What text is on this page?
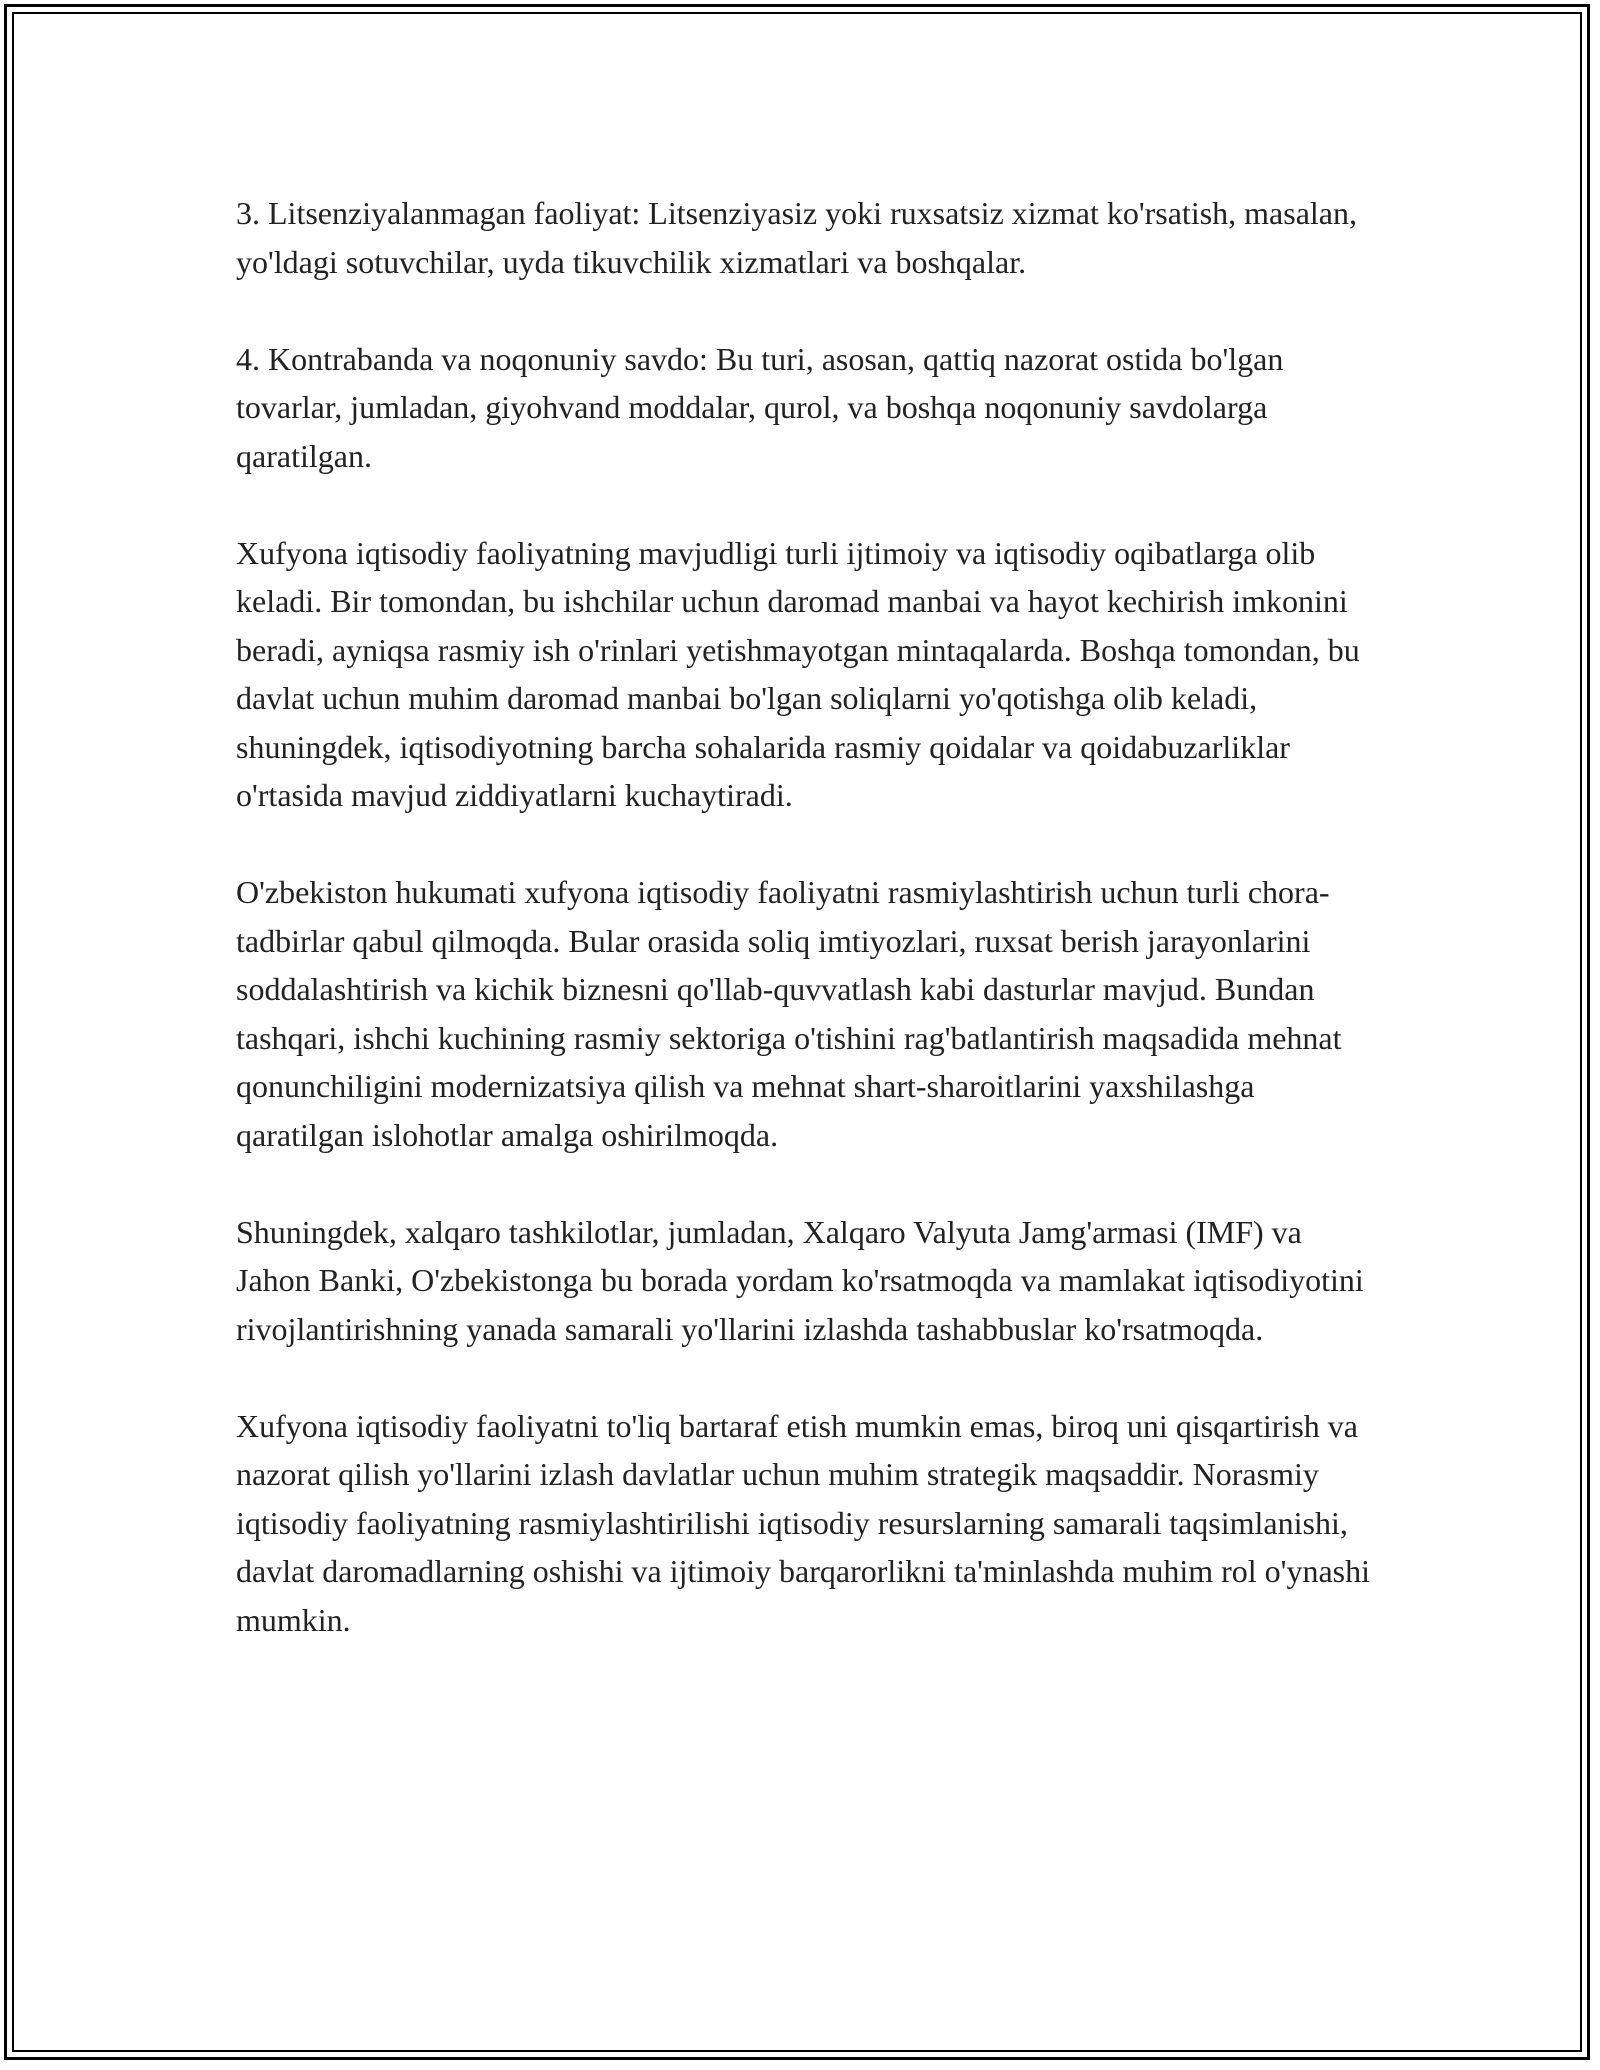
3. Litsenziyalanmagan faoliyat: Litsenziyasiz yoki ruxsatsiz xizmat ko'rsatish, masalan, yo'ldagi sotuvchilar, uyda tikuvchilik xizmatlari va boshqalar.

4. Kontrabanda va noqonuniy savdo: Bu turi, asosan, qattiq nazorat ostida bo'lgan tovarlar, jumladan, giyohvand moddalar, qurol, va boshqa noqonuniy savdolarga qaratilgan.

Xufyona iqtisodiy faoliyatning mavjudligi turli ijtimoiy va iqtisodiy oqibatlarga olib keladi. Bir tomondan, bu ishchilar uchun daromad manbai va hayot kechirish imkonini beradi, ayniqsa rasmiy ish o'rinlari yetishmayotgan mintaqalarda. Boshqa tomondan, bu davlat uchun muhim daromad manbai bo'lgan soliqlarni yo'qotishga olib keladi, shuningdek, iqtisodiyotning barcha sohalarida rasmiy qoidalar va qoidabuzarliklar o'rtasida mavjud ziddiyatlarni kuchaytiradi.

O'zbekiston hukumati xufyona iqtisodiy faoliyatni rasmiylashtirish uchun turli chora-tadbirlar qabul qilmoqda. Bular orasida soliq imtiyozlari, ruxsat berish jarayonlarini soddalashtirish va kichik biznesni qo'llab-quvvatlash kabi dasturlar mavjud. Bundan tashqari, ishchi kuchining rasmiy sektoriga o'tishini rag'batlantirish maqsadida mehnat qonunchiligini modernizatsiya qilish va mehnat shart-sharoitlarini yaxshilashga qaratilgan islohotlar amalga oshirilmoqda.

Shuningdek, xalqaro tashkilotlar, jumladan, Xalqaro Valyuta Jamg'armasi (IMF) va Jahon Banki, O'zbekistonga bu borada yordam ko'rsatmoqda va mamlakat iqtisodiyotini rivojlantirishning yanada samarali yo'llarini izlashda tashabbuslar ko'rsatmoqda.

Xufyona iqtisodiy faoliyatni to'liq bartaraf etish mumkin emas, biroq uni qisqartirish va nazorat qilish yo'llarini izlash davlatlar uchun muhim strategik maqsaddir. Norasmiy iqtisodiy faoliyatning rasmiylashtirilishi iqtisodiy resurslarning samarali taqsimlanishi, davlat daromadlarning oshishi va ijtimoiy barqarorlikni ta'minlashda muhim rol o'ynashi mumkin.
